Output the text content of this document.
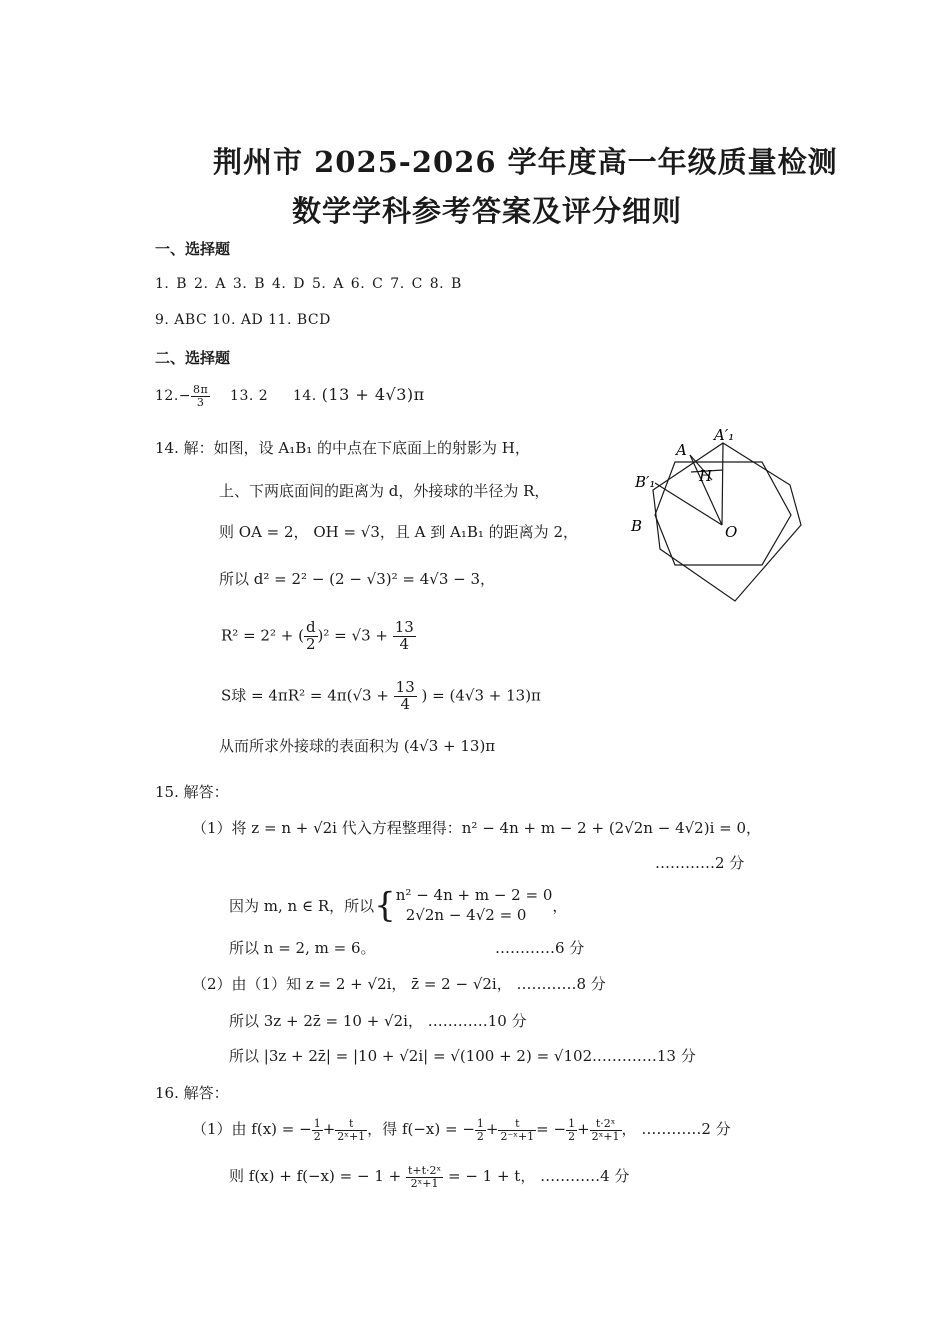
荆州市 2025-2026 学年度高一年级质量检测
数学学科参考答案及评分细则
一、选择题
1. B 2. A 3. B 4. D 5. A 6. C 7. C 8. B
9. ABC 10. AD 11. BCD
二、选择题
$12.- \frac{8\pi}{3} 13$. 2 14. (13 + 4√3)π
14. 解：如图，设 A₁B₁ 的中点在下底面上的射影为 H，
上、下两底面间的距离为 d，外接球的半径为 R，
则 OA = 2， OH = √3，且 A 到 A₁B₁ 的距离为 2，
所以 d² = 2² − (2 − √3)² = 4√3 − 3，
R² = 2² + ( $\frac{d}{2} )^2 = √3 + \frac{13}{4}$
S球 = $4\pi R^2 = 4\pi(√3 + \frac{13}{4}$ ) = (4√3 + 13)π
从而所求外接球的表面积为 (4√3 + 13)π
A
A′₁
B′₁	H
B	O
15. 解答：
（1）将 z = n + √2i 代入方程整理得：n² − 4n + m − 2 + (2√2n − 4√2)i = 0，
…………2 分
因为 m, n ∈ R，所以{ n² − 4n + m − 2 = 0
2√2n − 4√2 = 0
，
所以 n = 2, m = 6。	…………6 分
（2）由（1）知 z = 2 + √2i， z̄ = 2 − √2i， …………8 分
所以 3z + 2z̄ = 10 + √2i， …………10 分
所以 |3z + 2z̄| = |10 + √2i| = √(100 + 2) = √102.…………13 分
16. 解答：
（1）由 f(x) = − $\frac{1}{2} + \frac{t}{\text{2ˣ+1}}$ ，得 f(−x) = − $\frac{1}{2} + \frac{t}{\text{2⁻ˣ+1}}$ = − $\frac{1}{2} + \frac{\text{t·2ˣ}}{\text{2ˣ+1}}$ ， …………2 分
则 f(x) + f(−x) = − $1 + \frac{\text{t+t·2ˣ}}{\text{2ˣ+1}}$ = − 1 + t， …………4 分
